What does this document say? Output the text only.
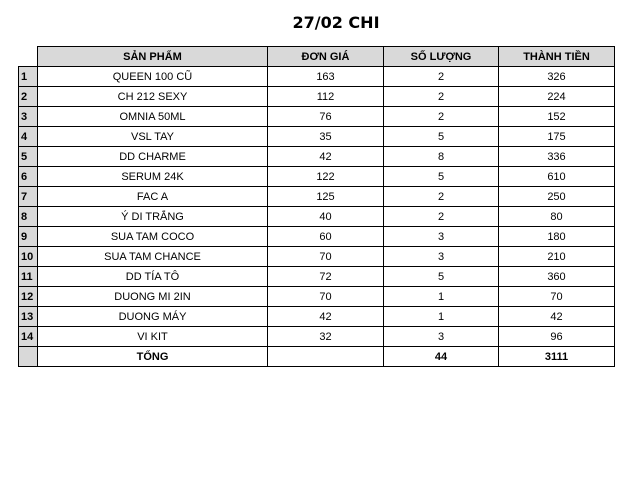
27/02 CHI
	SẢN PHẨM	ĐƠN GIÁ	SỐ LƯỢNG	THÀNH TIỀN
1	QUEEN 100 CŨ	163	2	326
2	CH 212 SEXY	112	2	224
3	OMNIA 50ML	76	2	152
4	VSL TAY	35	5	175
5	DD CHARME	42	8	336
6	SERUM 24K	122	5	610
7	FAC A	125	2	250
8	Ý DI TRẮNG	40	2	80
9	SUA TAM COCO	60	3	180
10	SUA TAM CHANCE	70	3	210
11	DD TÍA TÔ	72	5	360
12	DUONG MI 2IN	70	1	70
13	DUONG MÁY	42	1	42
14	VI KIT	32	3	96
	TỔNG		44	3111
